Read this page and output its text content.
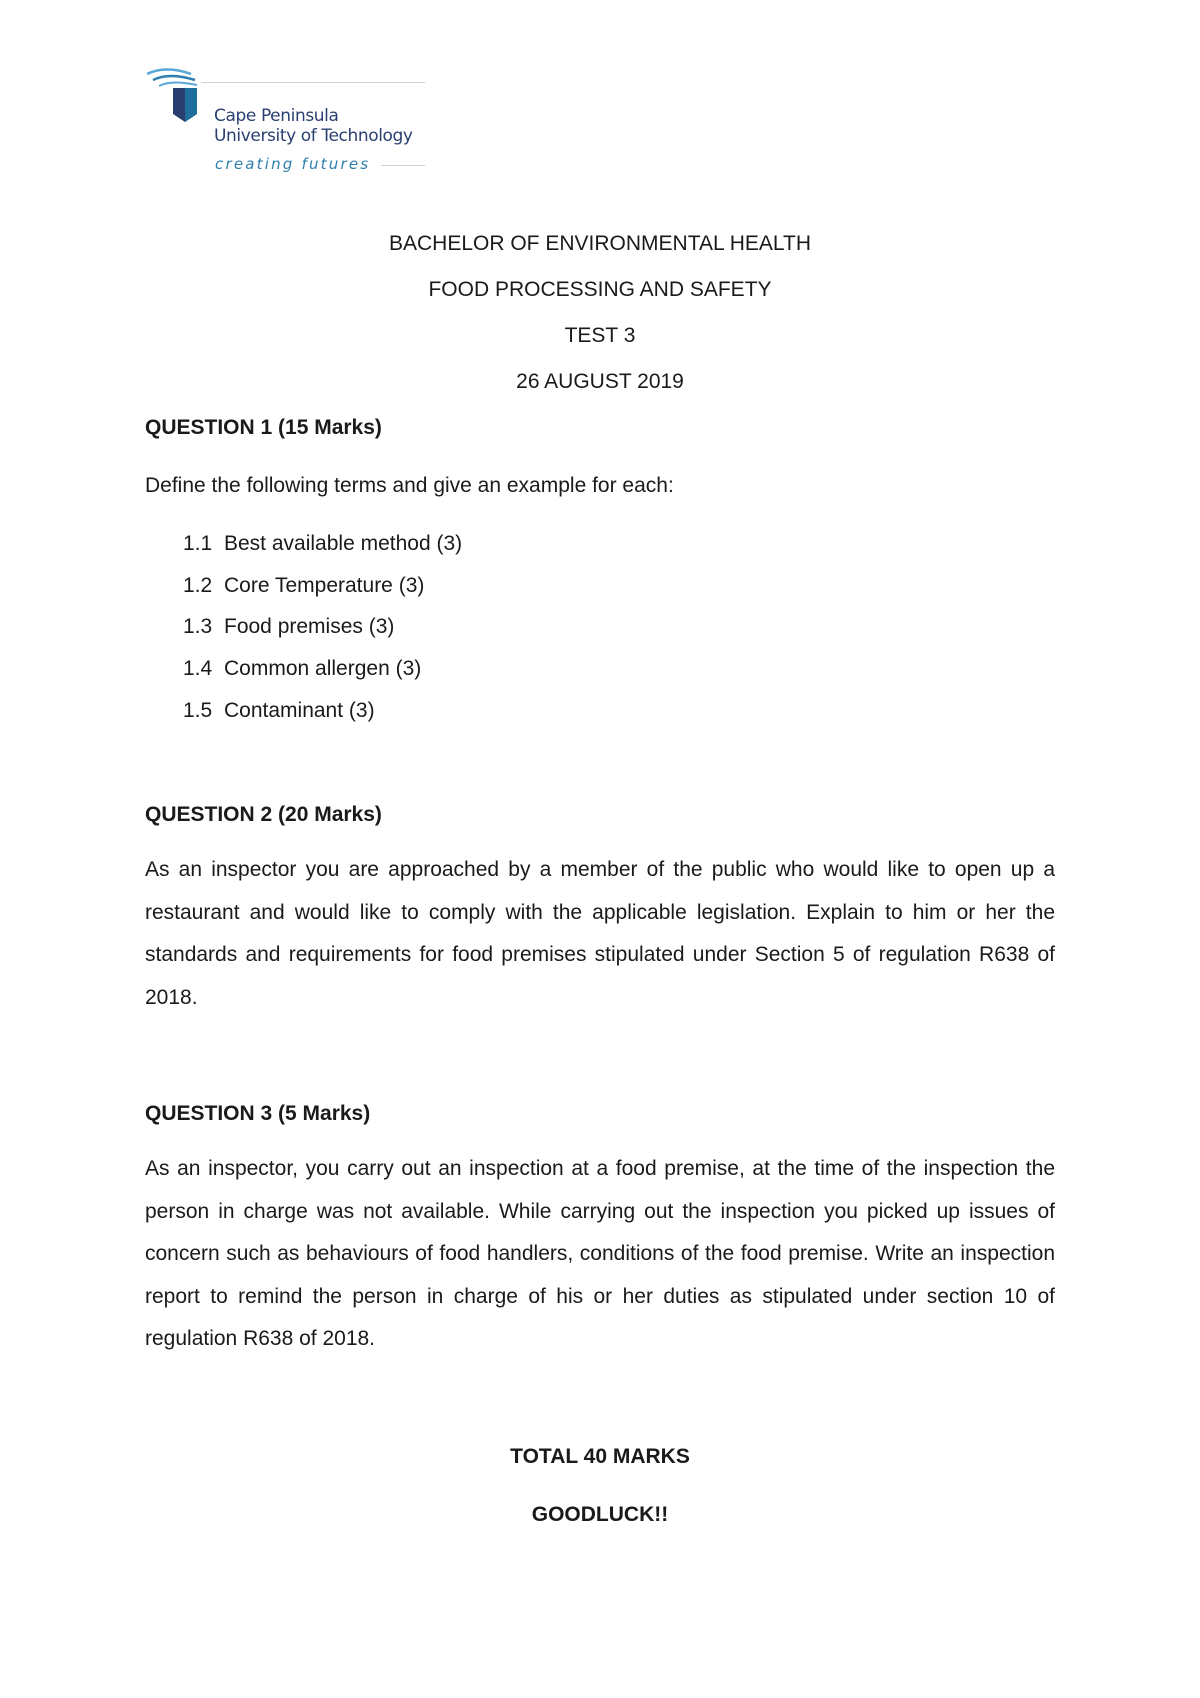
Cape Peninsula
University of Technology
creating futures
BACHELOR OF ENVIRONMENTAL HEALTH
FOOD PROCESSING AND SAFETY
TEST 3
26 AUGUST 2019
QUESTION 1 (15 Marks)
Define the following terms and give an example for each:
1.1 Best available method (3)
1.2 Core Temperature (3)
1.3 Food premises (3)
1.4 Common allergen (3)
1.5 Contaminant (3)
QUESTION 2 (20 Marks)
As an inspector you are approached by a member of the public who would like to open up a restaurant and would like to comply with the applicable legislation. Explain to him or her the standards and requirements for food premises stipulated under Section 5 of regulation R638 of 2018.
QUESTION 3 (5 Marks)
As an inspector, you carry out an inspection at a food premise, at the time of the inspection the person in charge was not available. While carrying out the inspection you picked up issues of concern such as behaviours of food handlers, conditions of the food premise. Write an inspection report to remind the person in charge of his or her duties as stipulated under section 10 of regulation R638 of 2018.
TOTAL 40 MARKS
GOODLUCK!!
